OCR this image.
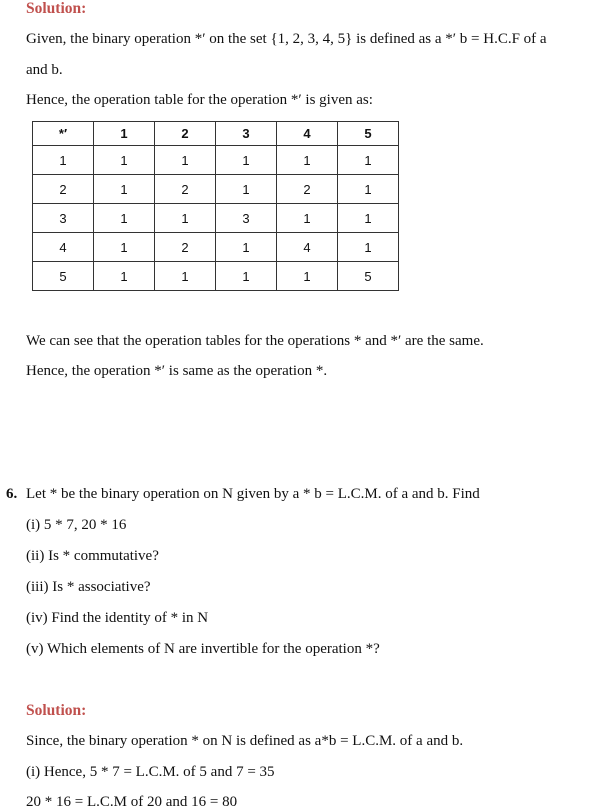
Solution:
Given, the binary operation *′ on the set {1, 2, 3, 4, 5} is defined as a *′ b = H.C.F of a
and b.
Hence, the operation table for the operation *′ is given as:
*′	1	2	3	4	5
1	1	1	1	1	1
2	1	2	1	2	1
3	1	1	3	1	1
4	1	2	1	4	1
5	1	1	1	1	5
We can see that the operation tables for the operations * and *′ are the same.
Hence, the operation *′ is same as the operation *.
6. Let * be the binary operation on N given by a * b = L.C.M. of a and b. Find
(i) 5 * 7, 20 * 16
(ii) Is * commutative?
(iii) Is * associative?
(iv) Find the identity of * in N
(v) Which elements of N are invertible for the operation *?
Solution:
Since, the binary operation * on N is defined as a*b = L.C.M. of a and b.
(i) Hence, 5 * 7 = L.C.M. of 5 and 7 = 35
20 * 16 = L.C.M of 20 and 16 = 80
